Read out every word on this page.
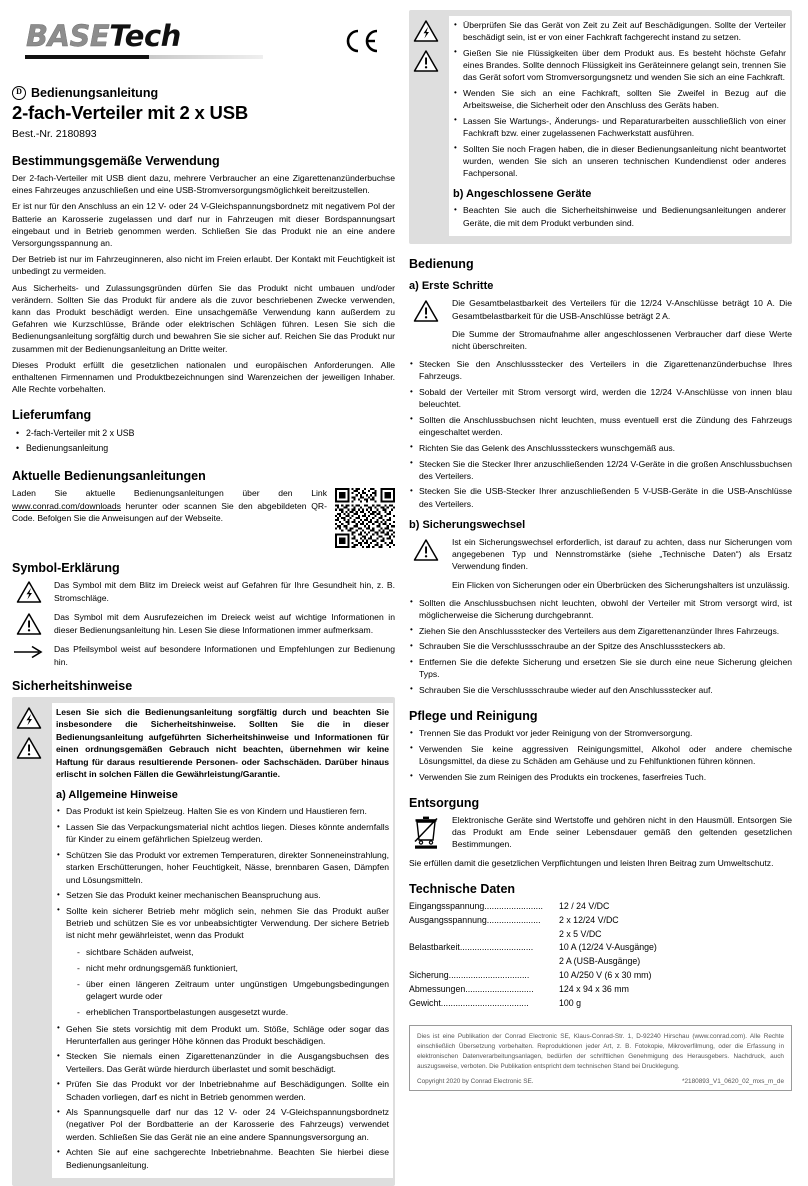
BASETech
D Bedienungsanleitung
2-fach-Verteiler mit 2 x USB
Best.-Nr. 2180893
Bestimmungsgemäße Verwendung

Der 2-fach-Verteiler mit USB dient dazu, mehrere Verbraucher an eine Zigarettenanzünderbuchse eines Fahrzeuges anzuschließen und eine USB-Stromversorgungsmöglichkeit bereitzustellen.

Er ist nur für den Anschluss an ein 12 V- oder 24 V-Gleichspannungsbordnetz mit negativem Pol der Batterie an Karosserie zugelassen und darf nur in Fahrzeugen mit dieser Bordspannungsart eingebaut und in Betrieb genommen werden. Schließen Sie das Produkt nie an eine andere Versorgungsspannung an.

Der Betrieb ist nur im Fahrzeuginneren, also nicht im Freien erlaubt. Der Kontakt mit Feuchtigkeit ist unbedingt zu vermeiden.

Aus Sicherheits- und Zulassungsgründen dürfen Sie das Produkt nicht umbauen und/oder verändern. Sollten Sie das Produkt für andere als die zuvor beschriebenen Zwecke verwenden, kann das Produkt beschädigt werden. Eine unsachgemäße Verwendung kann außerdem zu Gefahren wie Kurzschlüsse, Brände oder elektrischen Schlägen führen. Lesen Sie sich die Bedienungsanleitung sorgfältig durch und bewahren Sie sie sicher auf. Reichen Sie das Produkt nur zusammen mit der Bedienungsanleitung an Dritte weiter.

Dieses Produkt erfüllt die gesetzlichen nationalen und europäischen Anforderungen. Alle enthaltenen Firmennamen und Produktbezeichnungen sind Warenzeichen der jeweiligen Inhaber. Alle Rechte vorbehalten.

Lieferumfang
• 2-fach-Verteiler mit 2 x USB
• Bedienungsanleitung
Aktuelle Bedienungsanleitungen

Laden Sie aktuelle Bedienungsanleitungen über den Link www.conrad.com/downloads herunter oder scannen Sie den abgebildeten QR-Code. Befolgen Sie die Anweisungen auf der Webseite.

Symbol-Erklärung
Das Symbol mit dem Blitz im Dreieck weist auf Gefahren für Ihre Gesundheit hin, z. B. Stromschläge.
Das Symbol mit dem Ausrufezeichen im Dreieck weist auf wichtige Informationen in dieser Bedienungsanleitung hin. Lesen Sie diese Informationen immer aufmerksam.
Das Pfeilsymbol weist auf besondere Informationen und Empfehlungen zur Bedienung hin.
Sicherheitshinweise

Lesen Sie sich die Bedienungsanleitung sorgfältig durch und beachten Sie insbesondere die Sicherheitshinweise. Sollten Sie die in dieser Bedienungsanleitung aufgeführten Sicherheitshinweise und Informationen für einen ordnungsgemäßen Gebrauch nicht beachten, übernehmen wir keine Haftung für daraus resultierende Personen- oder Sachschäden. Darüber hinaus erlischt in solchen Fällen die Gewährleistung/Garantie.

a) Allgemeine Hinweise
• Das Produkt ist kein Spielzeug. Halten Sie es von Kindern und Haustieren fern.
• Lassen Sie das Verpackungsmaterial nicht achtlos liegen. Dieses könnte andernfalls für Kinder zu einem gefährlichen Spielzeug werden.
• Schützen Sie das Produkt vor extremen Temperaturen, direkter Sonneneinstrahlung, starken Erschütterungen, hoher Feuchtigkeit, Nässe, brennbaren Gasen, Dämpfen und Lösungsmitteln.
• Setzen Sie das Produkt keiner mechanischen Beanspruchung aus.
• Sollte kein sicherer Betrieb mehr möglich sein, nehmen Sie das Produkt außer Betrieb und schützen Sie es vor unbeabsichtigter Verwendung. Der sichere Betrieb ist nicht mehr gewährleistet, wenn das Produkt
- sichtbare Schäden aufweist,
- nicht mehr ordnungsgemäß funktioniert,
- über einen längeren Zeitraum unter ungünstigen Umgebungsbedingungen gelagert wurde oder
- erheblichen Transportbelastungen ausgesetzt wurde.
• Gehen Sie stets vorsichtig mit dem Produkt um. Stöße, Schläge oder sogar das Herunterfallen aus geringer Höhe können das Produkt beschädigen.
• Stecken Sie niemals einen Zigarettenanzünder in die Ausgangsbuchsen des Verteilers. Das Gerät würde hierdurch überlastet und somit beschädigt.
• Prüfen Sie das Produkt vor der Inbetriebnahme auf Beschädigungen. Sollte ein Schaden vorliegen, darf es nicht in Betrieb genommen werden.
• Als Spannungsquelle darf nur das 12 V- oder 24 V-Gleichspannungsbordnetz (negativer Pol der Bordbatterie an der Karosserie des Fahrzeugs) verwendet werden. Schließen Sie das Gerät nie an eine andere Spannungsversorgung an.
• Achten Sie auf eine sachgerechte Inbetriebnahme. Beachten Sie hierbei diese Bedienungsanleitung.
• Überprüfen Sie das Gerät von Zeit zu Zeit auf Beschädigungen. Sollte der Verteiler beschädigt sein, ist er von einer Fachkraft fachgerecht instand zu setzen.
• Gießen Sie nie Flüssigkeiten über dem Produkt aus. Es besteht höchste Gefahr eines Brandes. Sollte dennoch Flüssigkeit ins Geräteinnere gelangt sein, trennen Sie das Gerät sofort vom Stromversorgungsnetz und wenden Sie sich an eine Fachkraft.
• Wenden Sie sich an eine Fachkraft, sollten Sie Zweifel in Bezug auf die Arbeitsweise, die Sicherheit oder den Anschluss des Geräts haben.
• Lassen Sie Wartungs-, Änderungs- und Reparaturarbeiten ausschließlich von einer Fachkraft bzw. einer zugelassenen Fachwerkstatt ausführen.
• Sollten Sie noch Fragen haben, die in dieser Bedienungsanleitung nicht beantwortet wurden, wenden Sie sich an unseren technischen Kundendienst oder anderes Fachpersonal.
b) Angeschlossene Geräte
• Beachten Sie auch die Sicherheitshinweise und Bedienungsanleitungen anderer Geräte, die mit dem Produkt verbunden sind.
Bedienung
a) Erste Schritte

Die Gesamtbelastbarkeit des Verteilers für die 12/24 V-Anschlüsse beträgt 10 A. Die Gesamtbelastbarkeit für die USB-Anschlüsse beträgt 2 A.

Die Summe der Stromaufnahme aller angeschlossenen Verbraucher darf diese Werte nicht überschreiten.

• Stecken Sie den Anschlussstecker des Verteilers in die Zigarettenanzünderbuchse Ihres Fahrzeugs.
• Sobald der Verteiler mit Strom versorgt wird, werden die 12/24 V-Anschlüsse von innen blau beleuchtet.
• Sollten die Anschlussbuchsen nicht leuchten, muss eventuell erst die Zündung des Fahrzeugs eingeschaltet werden.
• Richten Sie das Gelenk des Anschlusssteckers wunschgemäß aus.
• Stecken Sie die Stecker Ihrer anzuschließenden 12/24 V-Geräte in die großen Anschlussbuchsen des Verteilers.
• Stecken Sie die USB-Stecker Ihrer anzuschließenden 5 V-USB-Geräte in die USB-Anschlüsse des Verteilers.
b) Sicherungswechsel

Ist ein Sicherungswechsel erforderlich, ist darauf zu achten, dass nur Sicherungen vom angegebenen Typ und Nennstromstärke (siehe „Technische Daten“) als Ersatz Verwendung finden.

Ein Flicken von Sicherungen oder ein Überbrücken des Sicherungshalters ist unzulässig.

• Sollten die Anschlussbuchsen nicht leuchten, obwohl der Verteiler mit Strom versorgt wird, ist möglicherweise die Sicherung durchgebrannt.
• Ziehen Sie den Anschlussstecker des Verteilers aus dem Zigarettenanzünder Ihres Fahrzeugs.
• Schrauben Sie die Verschlussschraube an der Spitze des Anschlusssteckers ab.
• Entfernen Sie die defekte Sicherung und ersetzen Sie sie durch eine neue Sicherung gleichen Typs.
• Schrauben Sie die Verschlussschraube wieder auf den Anschlussstecker auf.
Pflege und Reinigung
• Trennen Sie das Produkt vor jeder Reinigung von der Stromversorgung.
• Verwenden Sie keine aggressiven Reinigungsmittel, Alkohol oder andere chemische Lösungsmittel, da diese zu Schäden am Gehäuse und zu Fehlfunktionen führen können.
• Verwenden Sie zum Reinigen des Produkts ein trockenes, faserfreies Tuch.
Entsorgung
Elektronische Geräte sind Wertstoffe und gehören nicht in den Hausmüll. Entsorgen Sie das Produkt am Ende seiner Lebensdauer gemäß den geltenden gesetzlichen Bestimmungen.

Sie erfüllen damit die gesetzlichen Verpflichtungen und leisten Ihren Beitrag zum Umweltschutz.

Technische Daten
Eingangsspannung........................	12 / 24 V/DC
Ausgangsspannung......................	2 x 12/24 V/DC
2 x 5 V/DC

Belastbarkeit..............................	10 A (12/24 V-Ausgänge)
2 A (USB-Ausgänge)

Sicherung.................................	10 A/250 V (6 x 30 mm)
Abmessungen............................	124 x 94 x 36 mm
Gewicht....................................	100 g

Dies ist eine Publikation der Conrad Electronic SE, Klaus-Conrad-Str. 1, D-92240 Hirschau (www.conrad.com). Alle Rechte einschließlich Übersetzung vorbehalten. Reproduktionen jeder Art, z. B. Fotokopie, Mikroverfilmung, oder die Erfassung in elektronischen Datenverarbeitungsanlagen, bedürfen der schriftlichen Genehmigung des Herausgebers. Nachdruck, auch auszugsweise, verboten. Die Publikation entspricht dem technischen Stand bei Drucklegung.

Copyright 2020 by Conrad Electronic SE.	*2180893_V1_0620_02_mxs_m_de
